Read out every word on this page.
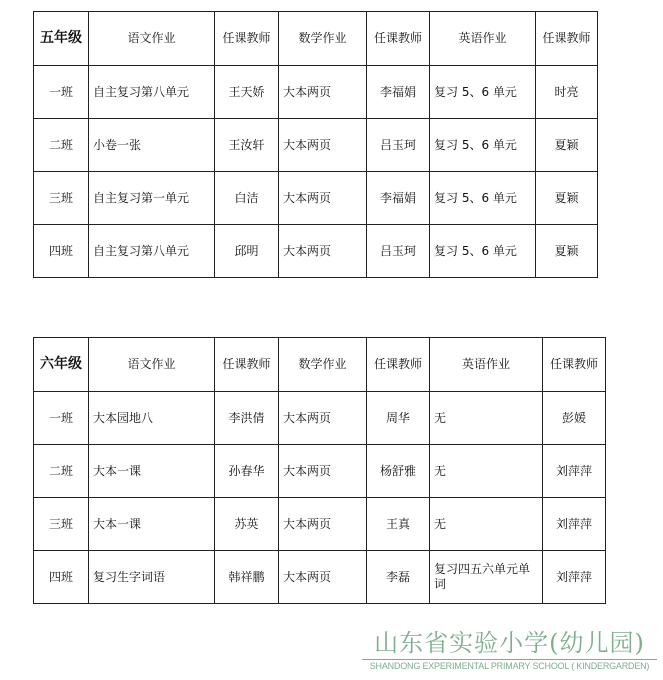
五年级	语文作业	任课教师	数学作业	任课教师	英语作业	任课教师
一班	自主复习第八单元	王天娇	大本两页	李福娟	复习 5、6 单元	时亮
二班	小卷一张	王汝轩	大本两页	吕玉珂	复习 5、6 单元	夏颖
三班	自主复习第一单元	白洁	大本两页	李福娟	复习 5、6 单元	夏颖
四班	自主复习第八单元	邱明	大本两页	吕玉珂	复习 5、6 单元	夏颖
六年级	语文作业	任课教师	数学作业	任课教师	英语作业	任课教师
一班	大本园地八	李洪倩	大本两页	周华	无	彭媛
二班	大本一课	孙春华	大本两页	杨舒雅	无	刘萍萍
三班	大本一课	苏英	大本两页	王真	无	刘萍萍
四班	复习生字词语	韩祥鹏	大本两页	李磊	复习四五六单元单词	刘萍萍
山东省实验小学(幼儿园)
SHANDONG EXPERIMENTAL PRIMARY SCHOOL ( KINDERGARDEN)
